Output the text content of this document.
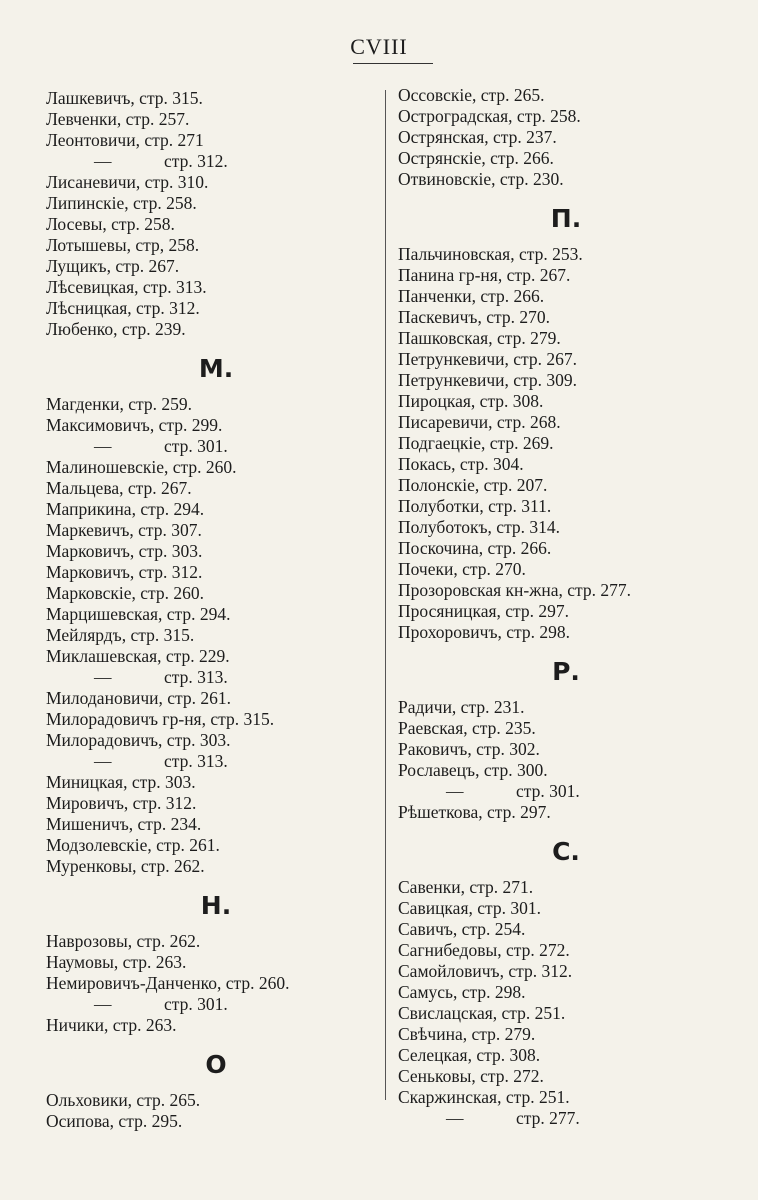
CVIII
Лашкевичъ, стр. 315.
Левченки, стр. 257.
Леонтовичи, стр. 271
—	стр. 312.
Лисаневичи, стр. 310.
Липинскіе, стр. 258.
Лосевы, стр. 258.
Лотышевы, стр, 258.
Лущикъ, стр. 267.
Лѣсевицкая, стр. 313.
Лѣсницкая, стр. 312.
Любенко, стр. 239.
М.
Магденки, стр. 259.
Максимовичъ, стр. 299.
—	стр. 301.
Малиношевскіе, стр. 260.
Мальцева, стр. 267.
Маприкина, стр. 294.
Маркевичъ, стр. 307.
Марковичъ, стр. 303.
Марковичъ, стр. 312.
Марковскіе, стр. 260.
Марцишевская, стр. 294.
Мейлярдъ, стр. 315.
Миклашевская, стр. 229.
—	стр. 313.
Милодановичи, стр. 261.
Милорадовичъ гр-ня, стр. 315.
Милорадовичъ, стр. 303.
—	стр. 313.
Миницкая, стр. 303.
Мировичъ, стр. 312.
Мишеничъ, стр. 234.
Модзолевскіе, стр. 261.
Муренковы, стр. 262.
Н.
Наврозовы, стр. 262.
Наумовы, стр. 263.
Немировичъ-Данченко, стр. 260.
—	стр. 301.
Ничики, стр. 263.
О
Ольховики, стр. 265.
Осипова, стр. 295.
Оссовскіе, стр. 265.
Остроградская, стр. 258.
Острянская, стр. 237.
Острянскіе, стр. 266.
Отвиновскіе, стр. 230.
П.
Пальчиновская, стр. 253.
Панина гр-ня, стр. 267.
Панченки, стр. 266.
Паскевичъ, стр. 270.
Пашковская, стр. 279.
Петрункевичи, стр. 267.
Петрункевичи, стр. 309.
Пироцкая, стр. 308.
Писаревичи, стр. 268.
Подгаецкіе, стр. 269.
Покась, стр. 304.
Полонскіе, стр. 207.
Полуботки, стр. 311.
Полуботокъ, стр. 314.
Поскочина, стр. 266.
Почеки, стр. 270.
Прозоровская кн-жна, стр. 277.
Просяницкая, стр. 297.
Прохоровичъ, стр. 298.
Р.
Радичи, стр. 231.
Раевская, стр. 235.
Раковичъ, стр. 302.
Рославецъ, стр. 300.
—	стр. 301.
Рѣшеткова, стр. 297.
С.
Савенки, стр. 271.
Савицкая, стр. 301.
Савичъ, стр. 254.
Сагнибедовы, стр. 272.
Самойловичъ, стр. 312.
Самусь, стр. 298.
Свислацская, стр. 251.
Свѣчина, стр. 279.
Селецкая, стр. 308.
Сеньковы, стр. 272.
Скаржинская, стр. 251.
—	стр. 277.
